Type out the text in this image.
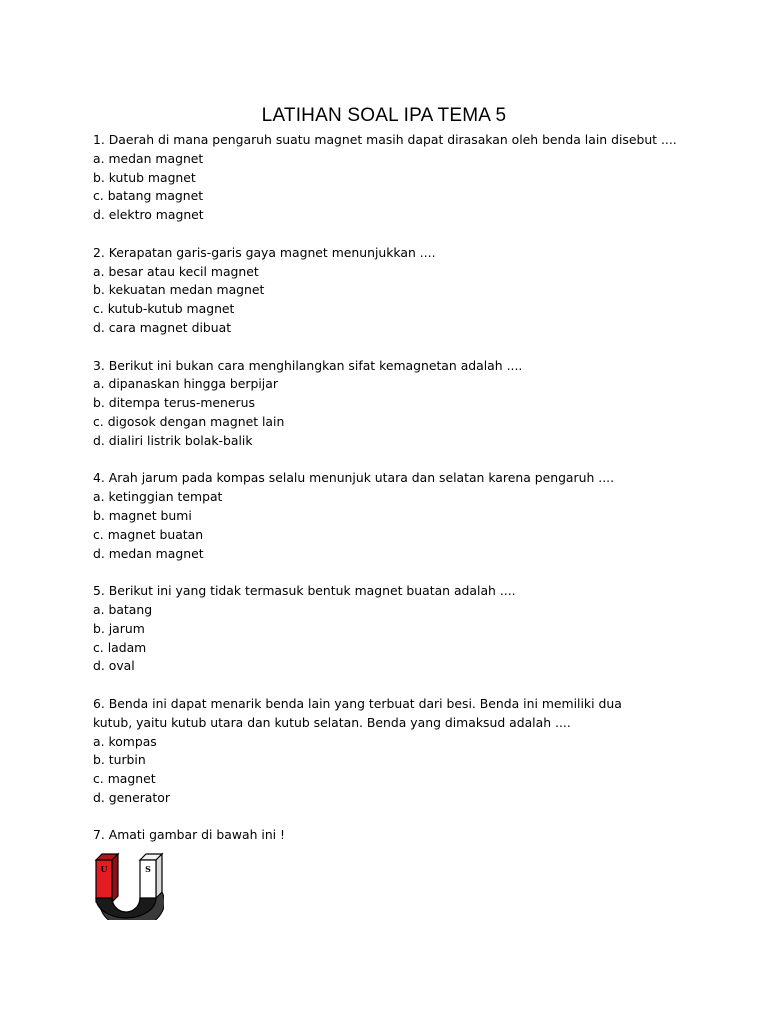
LATIHAN SOAL IPA TEMA 5
1. Daerah di mana pengaruh suatu magnet masih dapat dirasakan oleh benda lain disebut ....
a. medan magnet
b. kutub magnet
c. batang magnet
d. elektro magnet
2. Kerapatan garis-garis gaya magnet menunjukkan ....
a. besar atau kecil magnet
b. kekuatan medan magnet
c. kutub-kutub magnet
d. cara magnet dibuat
3. Berikut ini bukan cara menghilangkan sifat kemagnetan adalah ....
a. dipanaskan hingga berpijar
b. ditempa terus-menerus
c. digosok dengan magnet lain
d. dialiri listrik bolak-balik
4. Arah jarum pada kompas selalu menunjuk utara dan selatan karena pengaruh ....
a. ketinggian tempat
b. magnet bumi
c. magnet buatan
d. medan magnet
5. Berikut ini yang tidak termasuk bentuk magnet buatan adalah ....
a. batang
b. jarum
c. ladam
d. oval
6. Benda ini dapat menarik benda lain yang terbuat dari besi. Benda ini memiliki dua kutub, yaitu kutub utara dan kutub selatan. Benda yang dimaksud adalah ....
a. kompas
b. turbin
c. magnet
d. generator
7. Amati gambar di bawah ini !
U	S
